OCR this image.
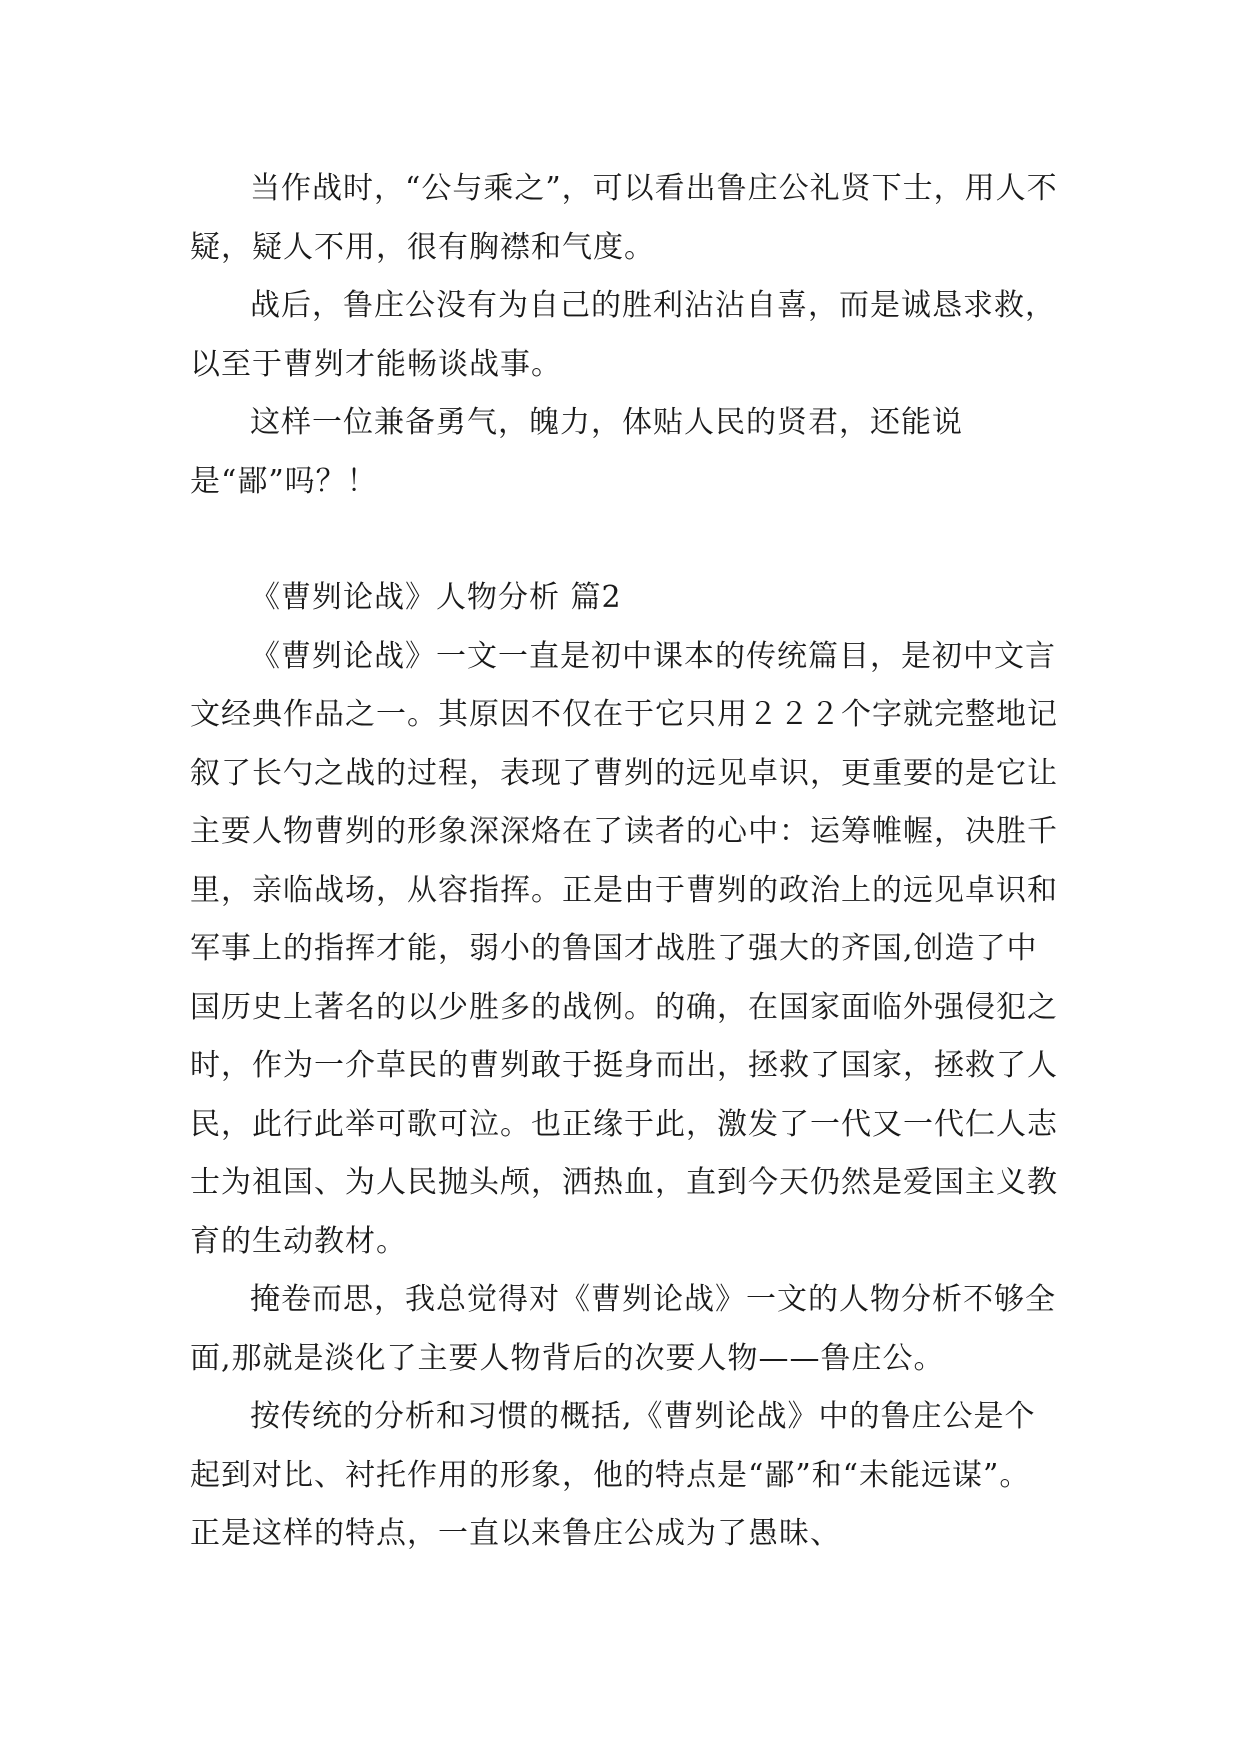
当作战时，“公与乘之”，可以看出鲁庄公礼贤下士，用人不疑，疑人不用，很有胸襟和气度。

战后，鲁庄公没有为自己的胜利沾沾自喜，而是诚恳求救，以至于曹刿才能畅谈战事。

这样一位兼备勇气，魄力，体贴人民的贤君，还能说是“鄙”吗？！

《曹刿论战》人物分析 篇2

《曹刿论战》一文一直是初中课本的传统篇目，是初中文言文经典作品之一。其原因不仅在于它只用２２２个字就完整地记叙了长勺之战的过程，表现了曹刿的远见卓识，更重要的是它让主要人物曹刿的形象深深烙在了读者的心中：运筹帷幄，决胜千里，亲临战场，从容指挥。正是由于曹刿的政治上的远见卓识和军事上的指挥才能，弱小的鲁国才战胜了强大的齐国,创造了中国历史上著名的以少胜多的战例。的确，在国家面临外强侵犯之时，作为一介草民的曹刿敢于挺身而出，拯救了国家，拯救了人民，此行此举可歌可泣。也正缘于此，激发了一代又一代仁人志士为祖国、为人民抛头颅，洒热血，直到今天仍然是爱国主义教育的生动教材。

掩卷而思，我总觉得对《曹刿论战》一文的人物分析不够全面,那就是淡化了主要人物背后的次要人物——鲁庄公。

按传统的分析和习惯的概括,《曹刿论战》中的鲁庄公是个起到对比、衬托作用的形象，他的特点是“鄙”和“未能远谋”。正是这样的特点，一直以来鲁庄公成为了愚昧、
